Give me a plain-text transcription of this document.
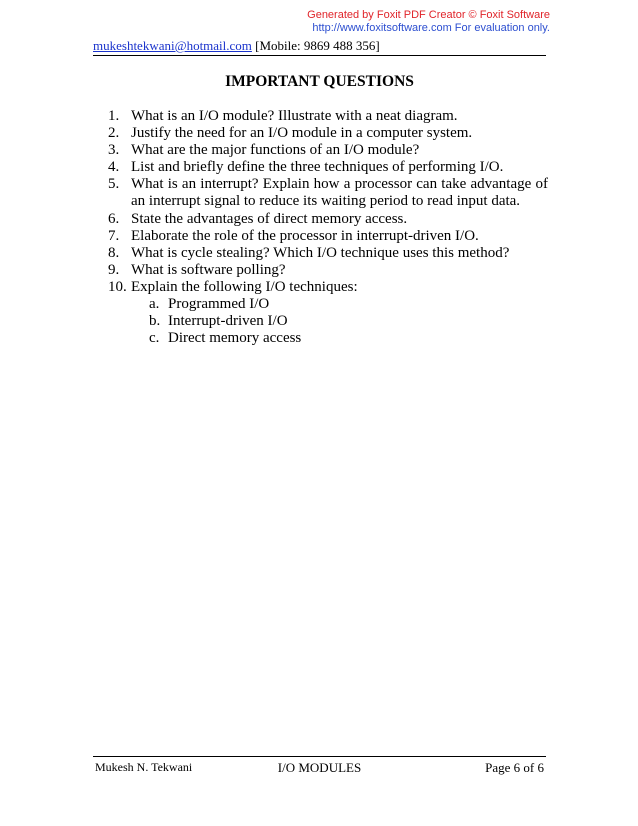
Generated by Foxit PDF Creator © Foxit Software
http://www.foxitsoftware.com For evaluation only.
mukeshtekwani@hotmail.com [Mobile: 9869 488 356]
IMPORTANT QUESTIONS
1. What is an I/O module? Illustrate with a neat diagram.
2. Justify the need for an I/O module in a computer system.
3. What are the major functions of an I/O module?
4. List and briefly define the three techniques of performing I/O.
5. What is an interrupt? Explain how a processor can take advantage of an interrupt signal to reduce its waiting period to read input data.
6. State the advantages of direct memory access.
7. Elaborate the role of the processor in interrupt-driven I/O.
8. What is cycle stealing? Which I/O technique uses this method?
9. What is software polling?
10. Explain the following I/O techniques:
a. Programmed I/O
b. Interrupt-driven I/O
c. Direct memory access
Mukesh N. Tekwani	I/O MODULES	Page 6 of 6
